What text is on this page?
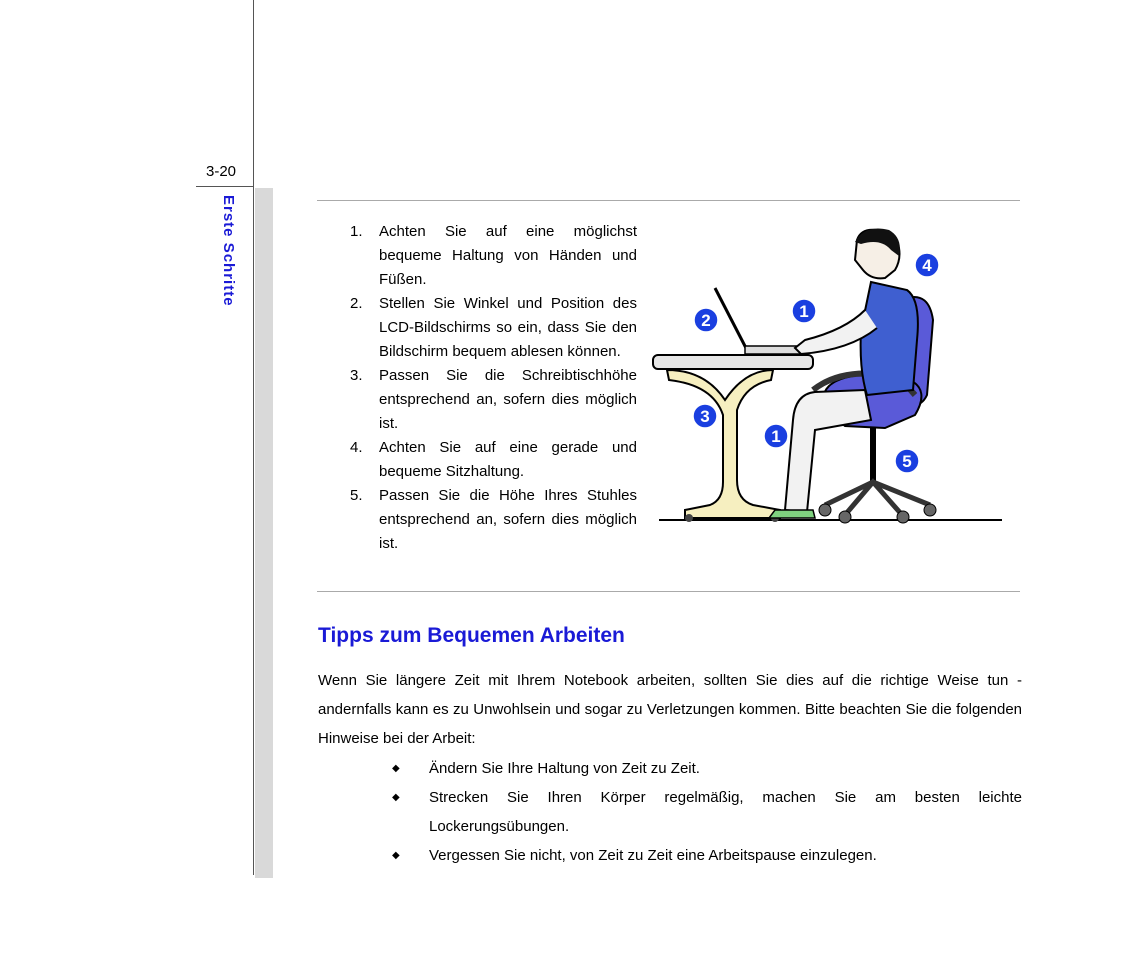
3-20
Erste Schritte	1. Achten Sie auf eine möglichst bequeme Haltung von Händen und Füßen.
2. Stellen Sie Winkel und Position des LCD-Bildschirms so ein, dass Sie den Bildschirm bequem ablesen können.
3. Passen Sie die Schreibtischhöhe entsprechend an, sofern dies möglich ist.
4. Achten Sie auf eine gerade und bequeme Sitzhaltung.
5. Passen Sie die Höhe Ihres Stuhles entsprechend an, sofern dies möglich ist.
1
2
1
3
4
5
Tipps zum Bequemen Arbeiten

Wenn Sie längere Zeit mit Ihrem Notebook arbeiten, sollten Sie dies auf die richtige Weise tun - andernfalls kann es zu Unwohlsein und sogar zu Verletzungen kommen. Bitte beachten Sie die folgenden Hinweise bei der Arbeit:

◆ Ändern Sie Ihre Haltung von Zeit zu Zeit.
◆ Strecken Sie Ihren Körper regelmäßig, machen Sie am besten leichte Lockerungsübungen.
◆ Vergessen Sie nicht, von Zeit zu Zeit eine Arbeitspause einzulegen.
